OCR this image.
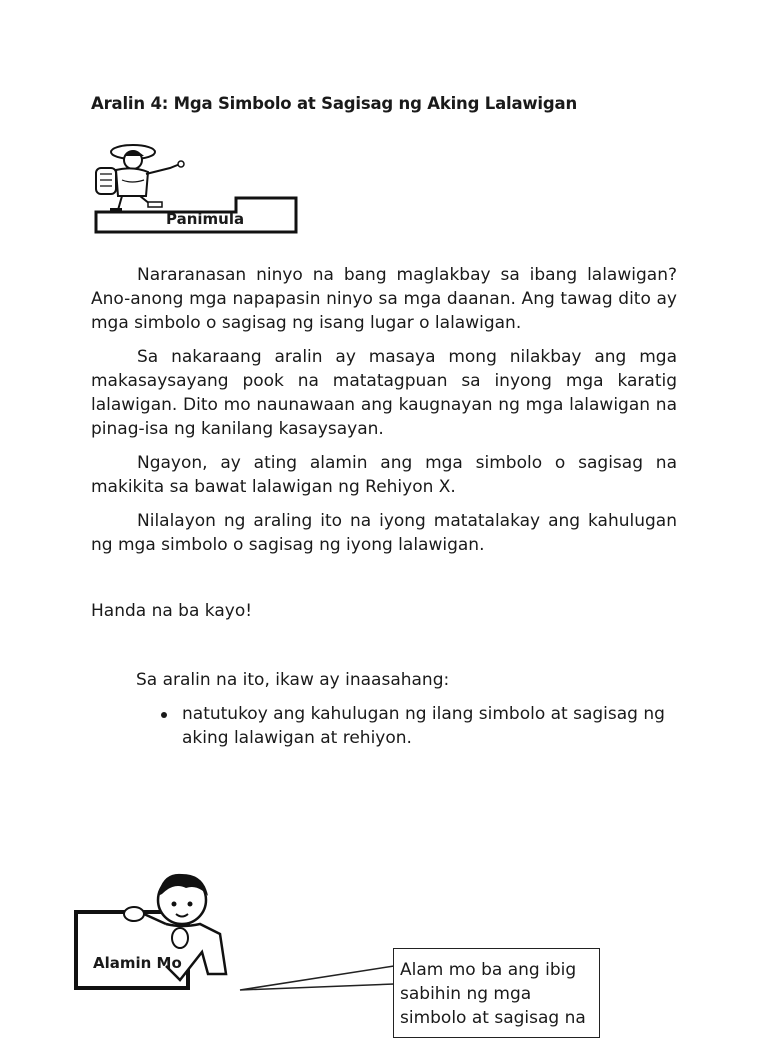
Aralin 4: Mga Simbolo at Sagisag ng Aking Lalawigan
Panimula

Nararanasan ninyo na bang maglakbay sa ibang lalawigan? Ano-anong mga napapasin ninyo sa mga daanan. Ang tawag dito ay mga simbolo o sagisag ng isang lugar o lalawigan.

Sa nakaraang aralin ay masaya mong nilakbay ang mga makasaysayang pook na matatagpuan sa inyong mga karatig lalawigan. Dito mo naunawaan ang kaugnayan ng mga lalawigan na pinag-isa ng kanilang kasaysayan.

Ngayon, ay ating alamin ang mga simbolo o sagisag na makikita sa bawat lalawigan ng Rehiyon X.

Nilalayon ng araling ito na iyong matatalakay ang kahulugan ng mga simbolo o sagisag ng iyong lalawigan.

Handa na ba kayo!
Sa aralin na ito, ikaw ay inaasahang:
natutukoy ang kahulugan ng ilang simbolo at sagisag ng aking lalawigan at rehiyon.
Alamin Mo	Alam mo ba ang ibig
sabihin ng mga
simbolo at sagisag na
